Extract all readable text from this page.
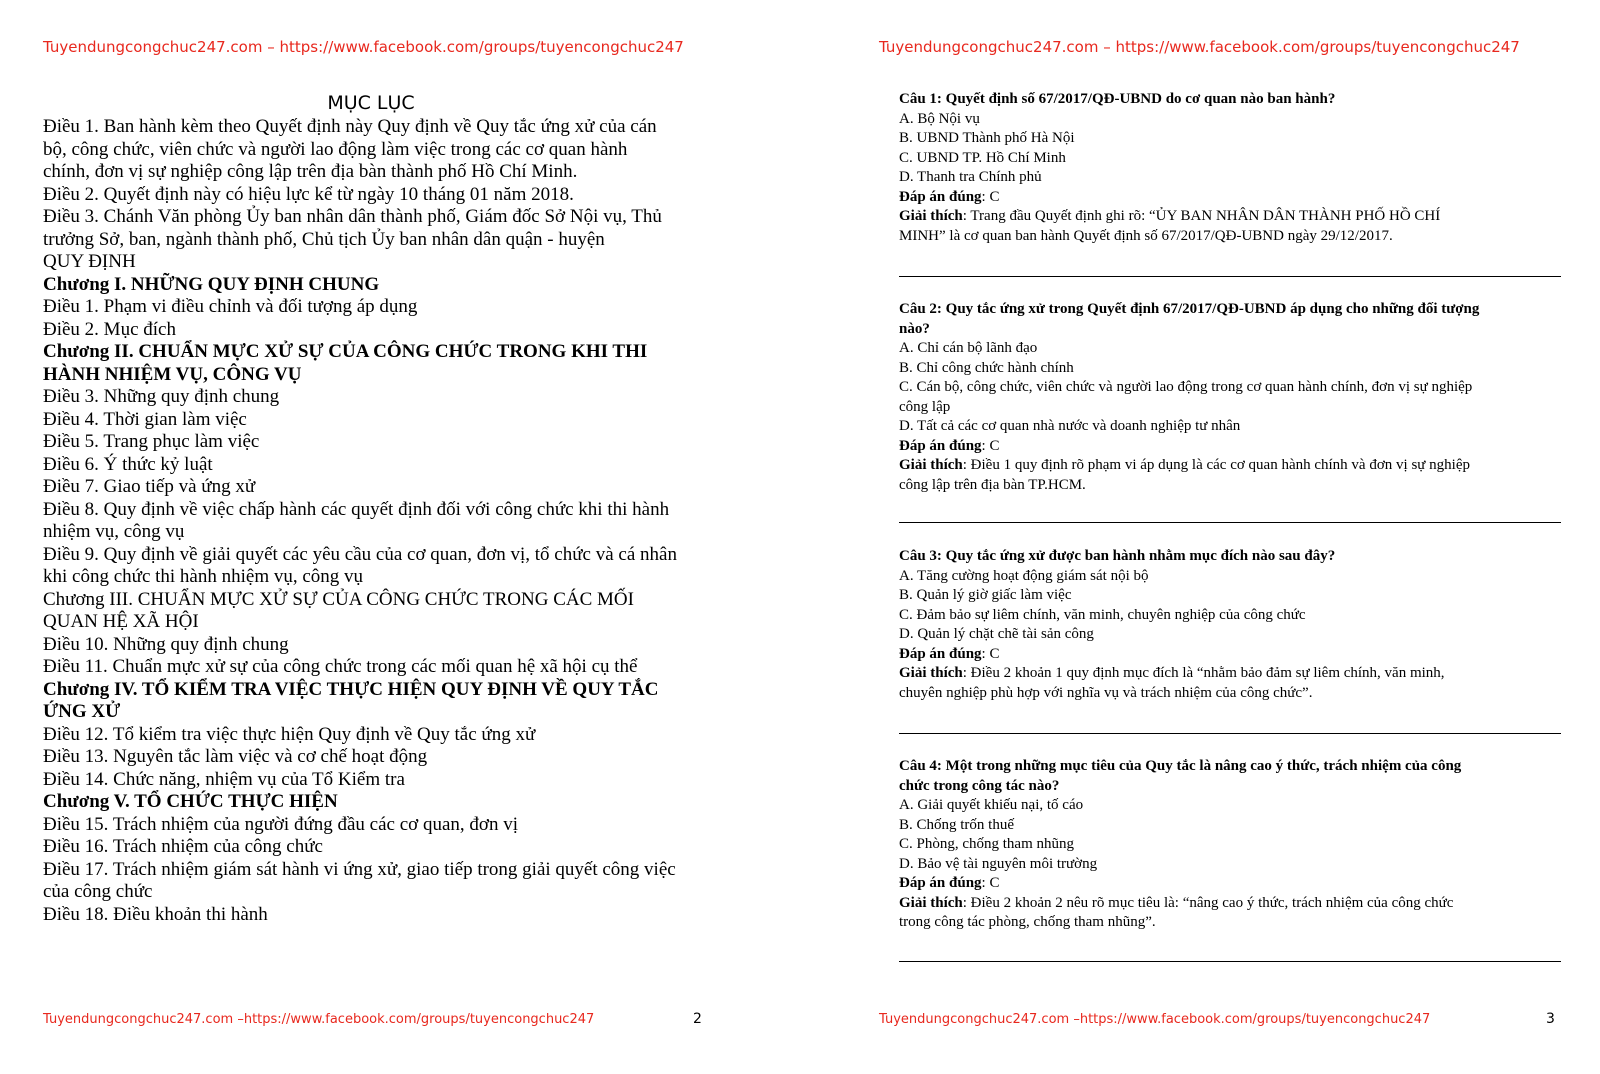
Tuyendungcongchuc247.com – https://www.facebook.com/groups/tuyencongchuc247
MỤC LỤC
Điều 1. Ban hành kèm theo Quyết định này Quy định về Quy tắc ứng xử của cán
bộ, công chức, viên chức và người lao động làm việc trong các cơ quan hành
chính, đơn vị sự nghiệp công lập trên địa bàn thành phố Hồ Chí Minh.
Điều 2. Quyết định này có hiệu lực kể từ ngày 10 tháng 01 năm 2018.
Điều 3. Chánh Văn phòng Ủy ban nhân dân thành phố, Giám đốc Sở Nội vụ, Thủ
trưởng Sở, ban, ngành thành phố, Chủ tịch Ủy ban nhân dân quận - huyện
QUY ĐỊNH
Chương I. NHỮNG QUY ĐỊNH CHUNG
Điều 1. Phạm vi điều chỉnh và đối tượng áp dụng
Điều 2. Mục đích
Chương II. CHUẨN MỰC XỬ SỰ CỦA CÔNG CHỨC TRONG KHI THI
HÀNH NHIỆM VỤ, CÔNG VỤ
Điều 3. Những quy định chung
Điều 4. Thời gian làm việc
Điều 5. Trang phục làm việc
Điều 6. Ý thức kỷ luật
Điều 7. Giao tiếp và ứng xử
Điều 8. Quy định về việc chấp hành các quyết định đối với công chức khi thi hành
nhiệm vụ, công vụ
Điều 9. Quy định về giải quyết các yêu cầu của cơ quan, đơn vị, tổ chức và cá nhân
khi công chức thi hành nhiệm vụ, công vụ
Chương III. CHUẨN MỰC XỬ SỰ CỦA CÔNG CHỨC TRONG CÁC MỐI
QUAN HỆ XÃ HỘI
Điều 10. Những quy định chung
Điều 11. Chuẩn mực xử sự của công chức trong các mối quan hệ xã hội cụ thể
Chương IV. TỔ KIỂM TRA VIỆC THỰC HIỆN QUY ĐỊNH VỀ QUY TẮC
ỨNG XỬ
Điều 12. Tổ kiểm tra việc thực hiện Quy định về Quy tắc ứng xử
Điều 13. Nguyên tắc làm việc và cơ chế hoạt động
Điều 14. Chức năng, nhiệm vụ của Tổ Kiểm tra
Chương V. TỔ CHỨC THỰC HIỆN
Điều 15. Trách nhiệm của người đứng đầu các cơ quan, đơn vị
Điều 16. Trách nhiệm của công chức
Điều 17. Trách nhiệm giám sát hành vi ứng xử, giao tiếp trong giải quyết công việc
của công chức
Điều 18. Điều khoản thi hành
Tuyendungcongchuc247.com –https://www.facebook.com/groups/tuyencongchuc247	2
Tuyendungcongchuc247.com – https://www.facebook.com/groups/tuyencongchuc247
Câu 1: Quyết định số 67/2017/QĐ-UBND do cơ quan nào ban hành?
A. Bộ Nội vụ
B. UBND Thành phố Hà Nội
C. UBND TP. Hồ Chí Minh
D. Thanh tra Chính phủ
Đáp án đúng: C
Giải thích: Trang đầu Quyết định ghi rõ: “ỦY BAN NHÂN DÂN THÀNH PHỐ HỒ CHÍ
MINH” là cơ quan ban hành Quyết định số 67/2017/QĐ-UBND ngày 29/12/2017.
Câu 2: Quy tắc ứng xử trong Quyết định 67/2017/QĐ-UBND áp dụng cho những đối tượng
nào?
A. Chỉ cán bộ lãnh đạo
B. Chỉ công chức hành chính
C. Cán bộ, công chức, viên chức và người lao động trong cơ quan hành chính, đơn vị sự nghiệp
công lập
D. Tất cả các cơ quan nhà nước và doanh nghiệp tư nhân
Đáp án đúng: C
Giải thích: Điều 1 quy định rõ phạm vi áp dụng là các cơ quan hành chính và đơn vị sự nghiệp
công lập trên địa bàn TP.HCM.
Câu 3: Quy tắc ứng xử được ban hành nhằm mục đích nào sau đây?
A. Tăng cường hoạt động giám sát nội bộ
B. Quản lý giờ giấc làm việc
C. Đảm bảo sự liêm chính, văn minh, chuyên nghiệp của công chức
D. Quản lý chặt chẽ tài sản công
Đáp án đúng: C
Giải thích: Điều 2 khoản 1 quy định mục đích là “nhằm bảo đảm sự liêm chính, văn minh,
chuyên nghiệp phù hợp với nghĩa vụ và trách nhiệm của công chức”.
Câu 4: Một trong những mục tiêu của Quy tắc là nâng cao ý thức, trách nhiệm của công
chức trong công tác nào?
A. Giải quyết khiếu nại, tố cáo
B. Chống trốn thuế
C. Phòng, chống tham nhũng
D. Bảo vệ tài nguyên môi trường
Đáp án đúng: C
Giải thích: Điều 2 khoản 2 nêu rõ mục tiêu là: “nâng cao ý thức, trách nhiệm của công chức
trong công tác phòng, chống tham nhũng”.
Tuyendungcongchuc247.com –https://www.facebook.com/groups/tuyencongchuc247	3
